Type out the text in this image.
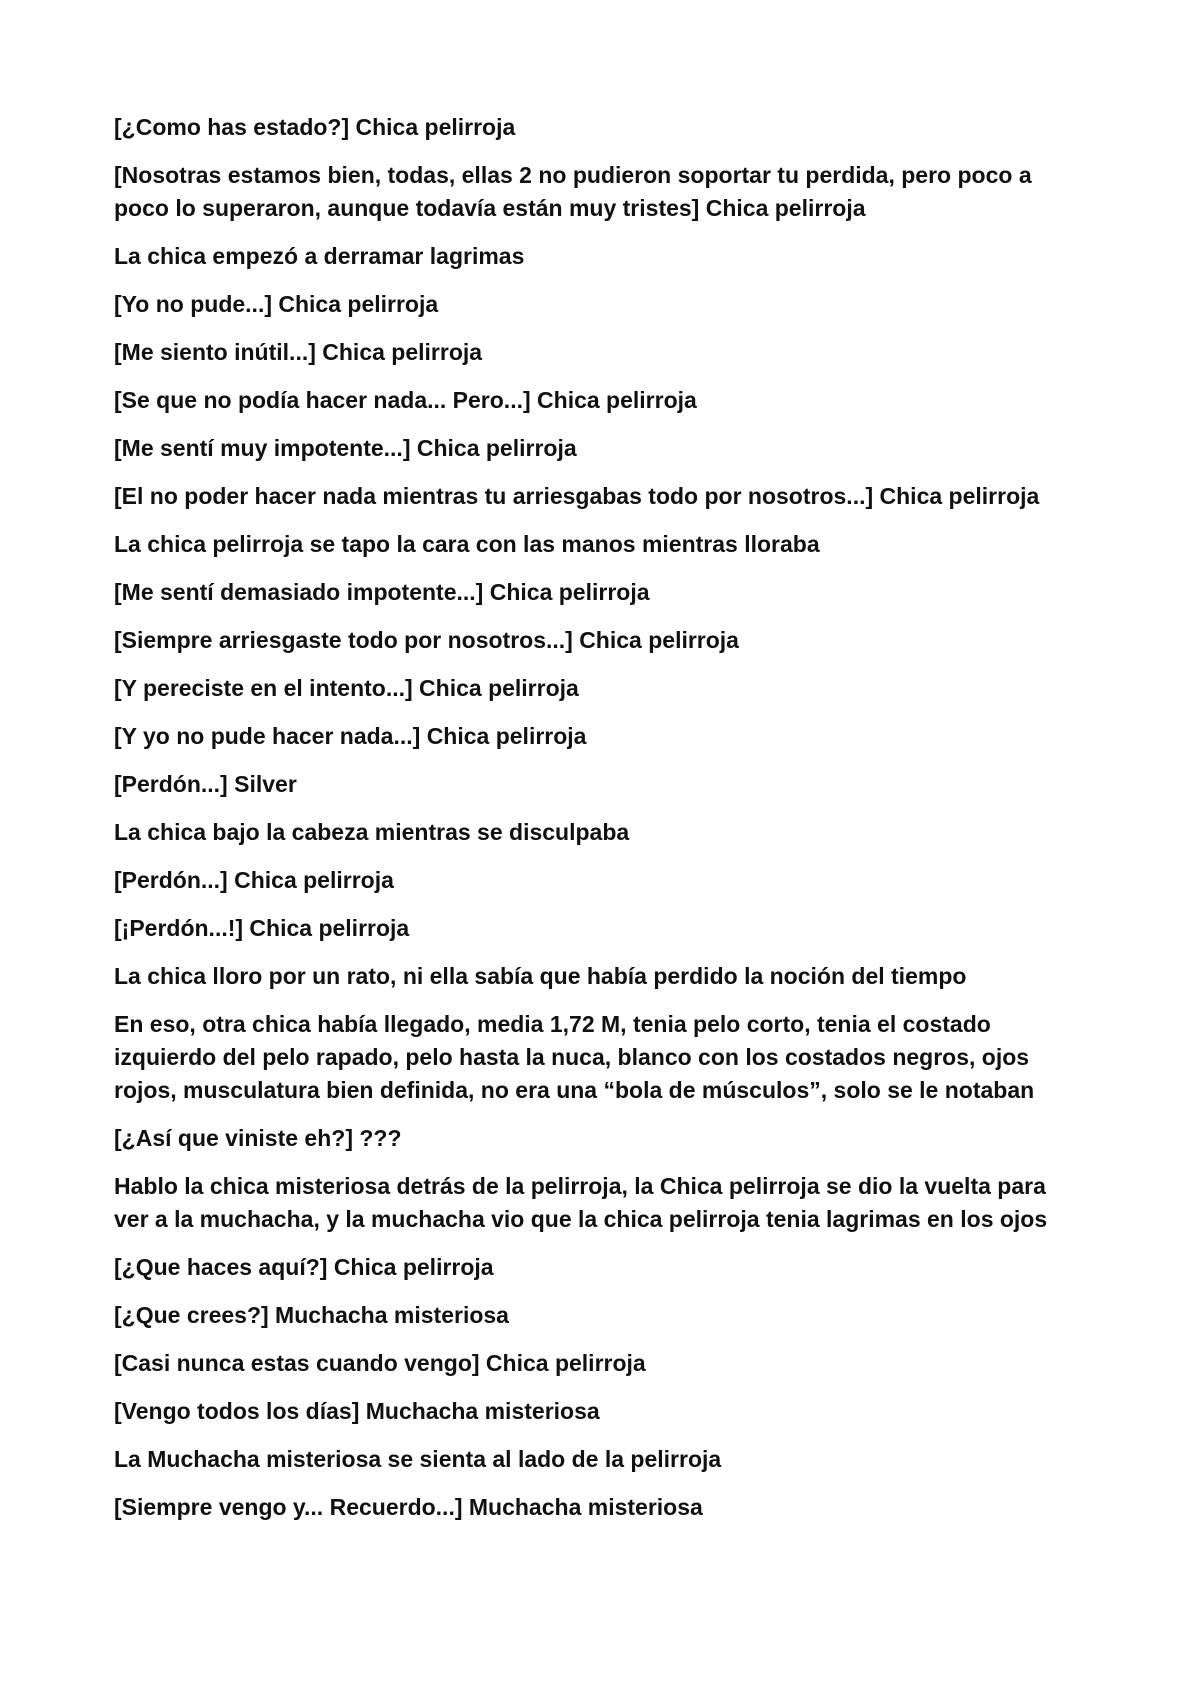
[¿Como has estado?] Chica pelirroja

[Nosotras estamos bien, todas, ellas 2 no pudieron soportar tu perdida, pero poco a poco lo superaron, aunque todavía están muy tristes] Chica pelirroja

La chica empezó a derramar lagrimas

[Yo no pude...] Chica pelirroja

[Me siento inútil...] Chica pelirroja

[Se que no podía hacer nada... Pero...] Chica pelirroja

[Me sentí muy impotente...] Chica pelirroja

[El no poder hacer nada mientras tu arriesgabas todo por nosotros...] Chica pelirroja

La chica pelirroja se tapo la cara con las manos mientras lloraba

[Me sentí demasiado impotente...] Chica pelirroja

[Siempre arriesgaste todo por nosotros...] Chica pelirroja

[Y pereciste en el intento...] Chica pelirroja

[Y yo no pude hacer nada...] Chica pelirroja

[Perdón...] Silver

La chica bajo la cabeza mientras se disculpaba

[Perdón...] Chica pelirroja

[¡Perdón...!] Chica pelirroja

La chica lloro por un rato, ni ella sabía que había perdido la noción del tiempo

En eso, otra chica había llegado, media 1,72 M, tenia pelo corto, tenia el costado izquierdo del pelo rapado, pelo hasta la nuca, blanco con los costados negros, ojos rojos, musculatura bien definida, no era una “bola de músculos”, solo se le notaban

[¿Así que viniste eh?] ???

Hablo la chica misteriosa detrás de la pelirroja, la Chica pelirroja se dio la vuelta para ver a la muchacha, y la muchacha vio que la chica pelirroja tenia lagrimas en los ojos

[¿Que haces aquí?] Chica pelirroja

[¿Que crees?] Muchacha misteriosa

[Casi nunca estas cuando vengo] Chica pelirroja

[Vengo todos los días] Muchacha misteriosa

La Muchacha misteriosa se sienta al lado de la pelirroja

[Siempre vengo y... Recuerdo...] Muchacha misteriosa
